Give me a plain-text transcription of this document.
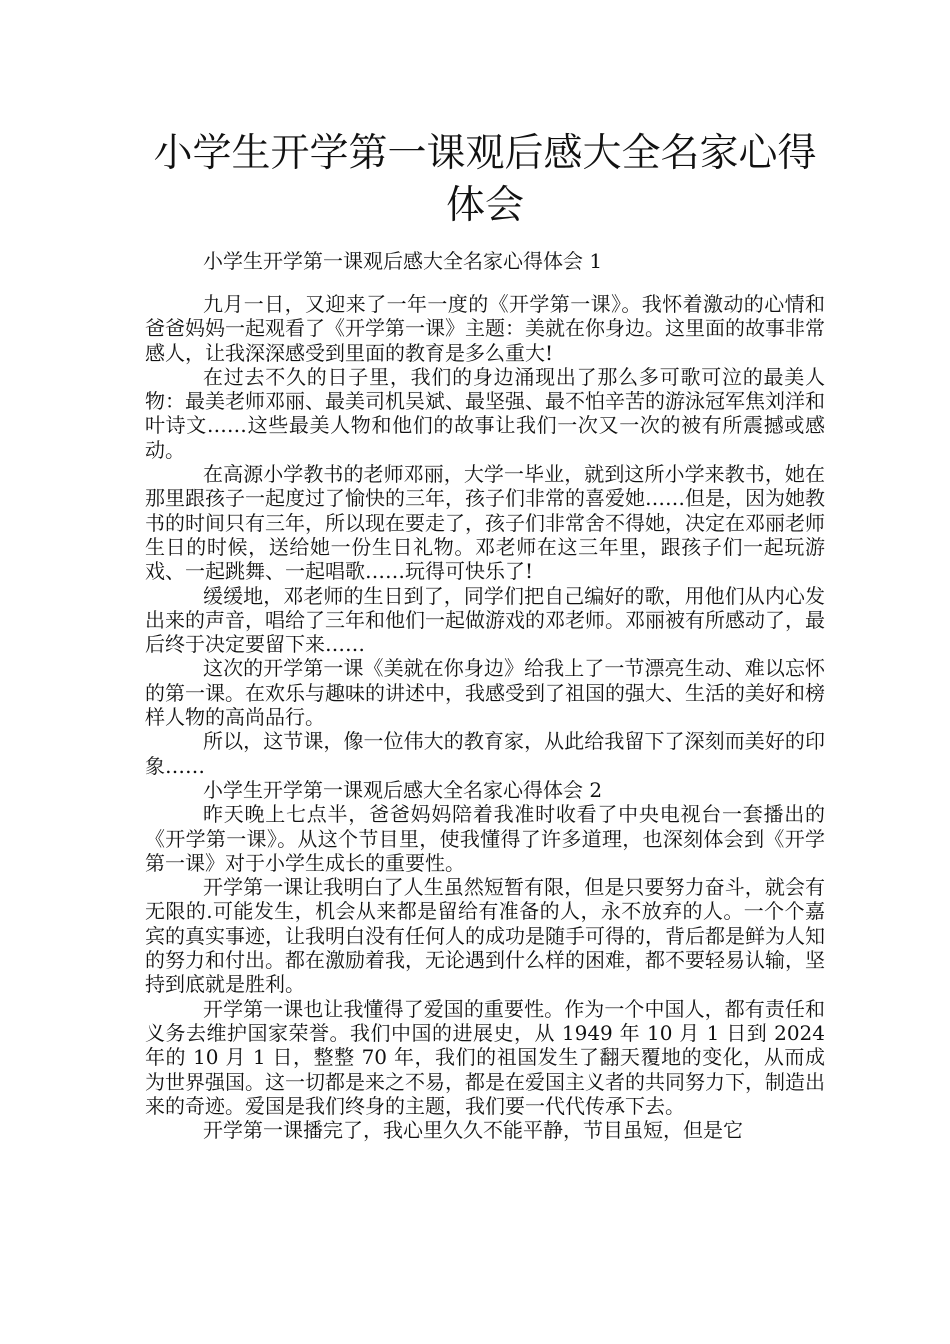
小学生开学第一课观后感大全名家心得体会

小学生开学第一课观后感大全名家心得体会 1

九月一日，又迎来了一年一度的《开学第一课》。我怀着激动的心情和爸爸妈妈一起观看了《开学第一课》主题：美就在你身边。这里面的故事非常感人，让我深深感受到里面的教育是多么重大!

在过去不久的日子里，我们的身边涌现出了那么多可歌可泣的最美人物：最美老师邓丽、最美司机吴斌、最坚强、最不怕辛苦的游泳冠军焦刘洋和叶诗文……这些最美人物和他们的故事让我们一次又一次的被有所震撼或感动。

在高源小学教书的老师邓丽，大学一毕业，就到这所小学来教书，她在那里跟孩子一起度过了愉快的三年，孩子们非常的喜爱她……但是，因为她教书的时间只有三年，所以现在要走了，孩子们非常舍不得她，决定在邓丽老师生日的时候，送给她一份生日礼物。邓老师在这三年里，跟孩子们一起玩游戏、一起跳舞、一起唱歌……玩得可快乐了!

缓缓地，邓老师的生日到了，同学们把自己编好的歌，用他们从内心发出来的声音，唱给了三年和他们一起做游戏的邓老师。邓丽被有所感动了，最后终于决定要留下来……

这次的开学第一课《美就在你身边》给我上了一节漂亮生动、难以忘怀的第一课。在欢乐与趣味的讲述中，我感受到了祖国的强大、生活的美好和榜样人物的高尚品行。

所以，这节课，像一位伟大的教育家，从此给我留下了深刻而美好的印象……

小学生开学第一课观后感大全名家心得体会 2

昨天晚上七点半，爸爸妈妈陪着我准时收看了中央电视台一套播出的《开学第一课》。从这个节目里，使我懂得了许多道理，也深刻体会到《开学第一课》对于小学生成长的重要性。

开学第一课让我明白了人生虽然短暂有限，但是只要努力奋斗，就会有无限的.可能发生，机会从来都是留给有准备的人，永不放弃的人。一个个嘉宾的真实事迹，让我明白没有任何人的成功是随手可得的，背后都是鲜为人知的努力和付出。都在激励着我，无论遇到什么样的困难，都不要轻易认输，坚持到底就是胜利。

开学第一课也让我懂得了爱国的重要性。作为一个中国人，都有责任和义务去维护国家荣誉。我们中国的进展史，从 1949 年 10 月 1 日到 2024 年的 10 月 1 日，整整 70 年，我们的祖国发生了翻天覆地的变化，从而成为世界强国。这一切都是来之不易，都是在爱国主义者的共同努力下，制造出来的奇迹。爱国是我们终身的主题，我们要一代代传承下去。

开学第一课播完了，我心里久久不能平静，节目虽短，但是它
